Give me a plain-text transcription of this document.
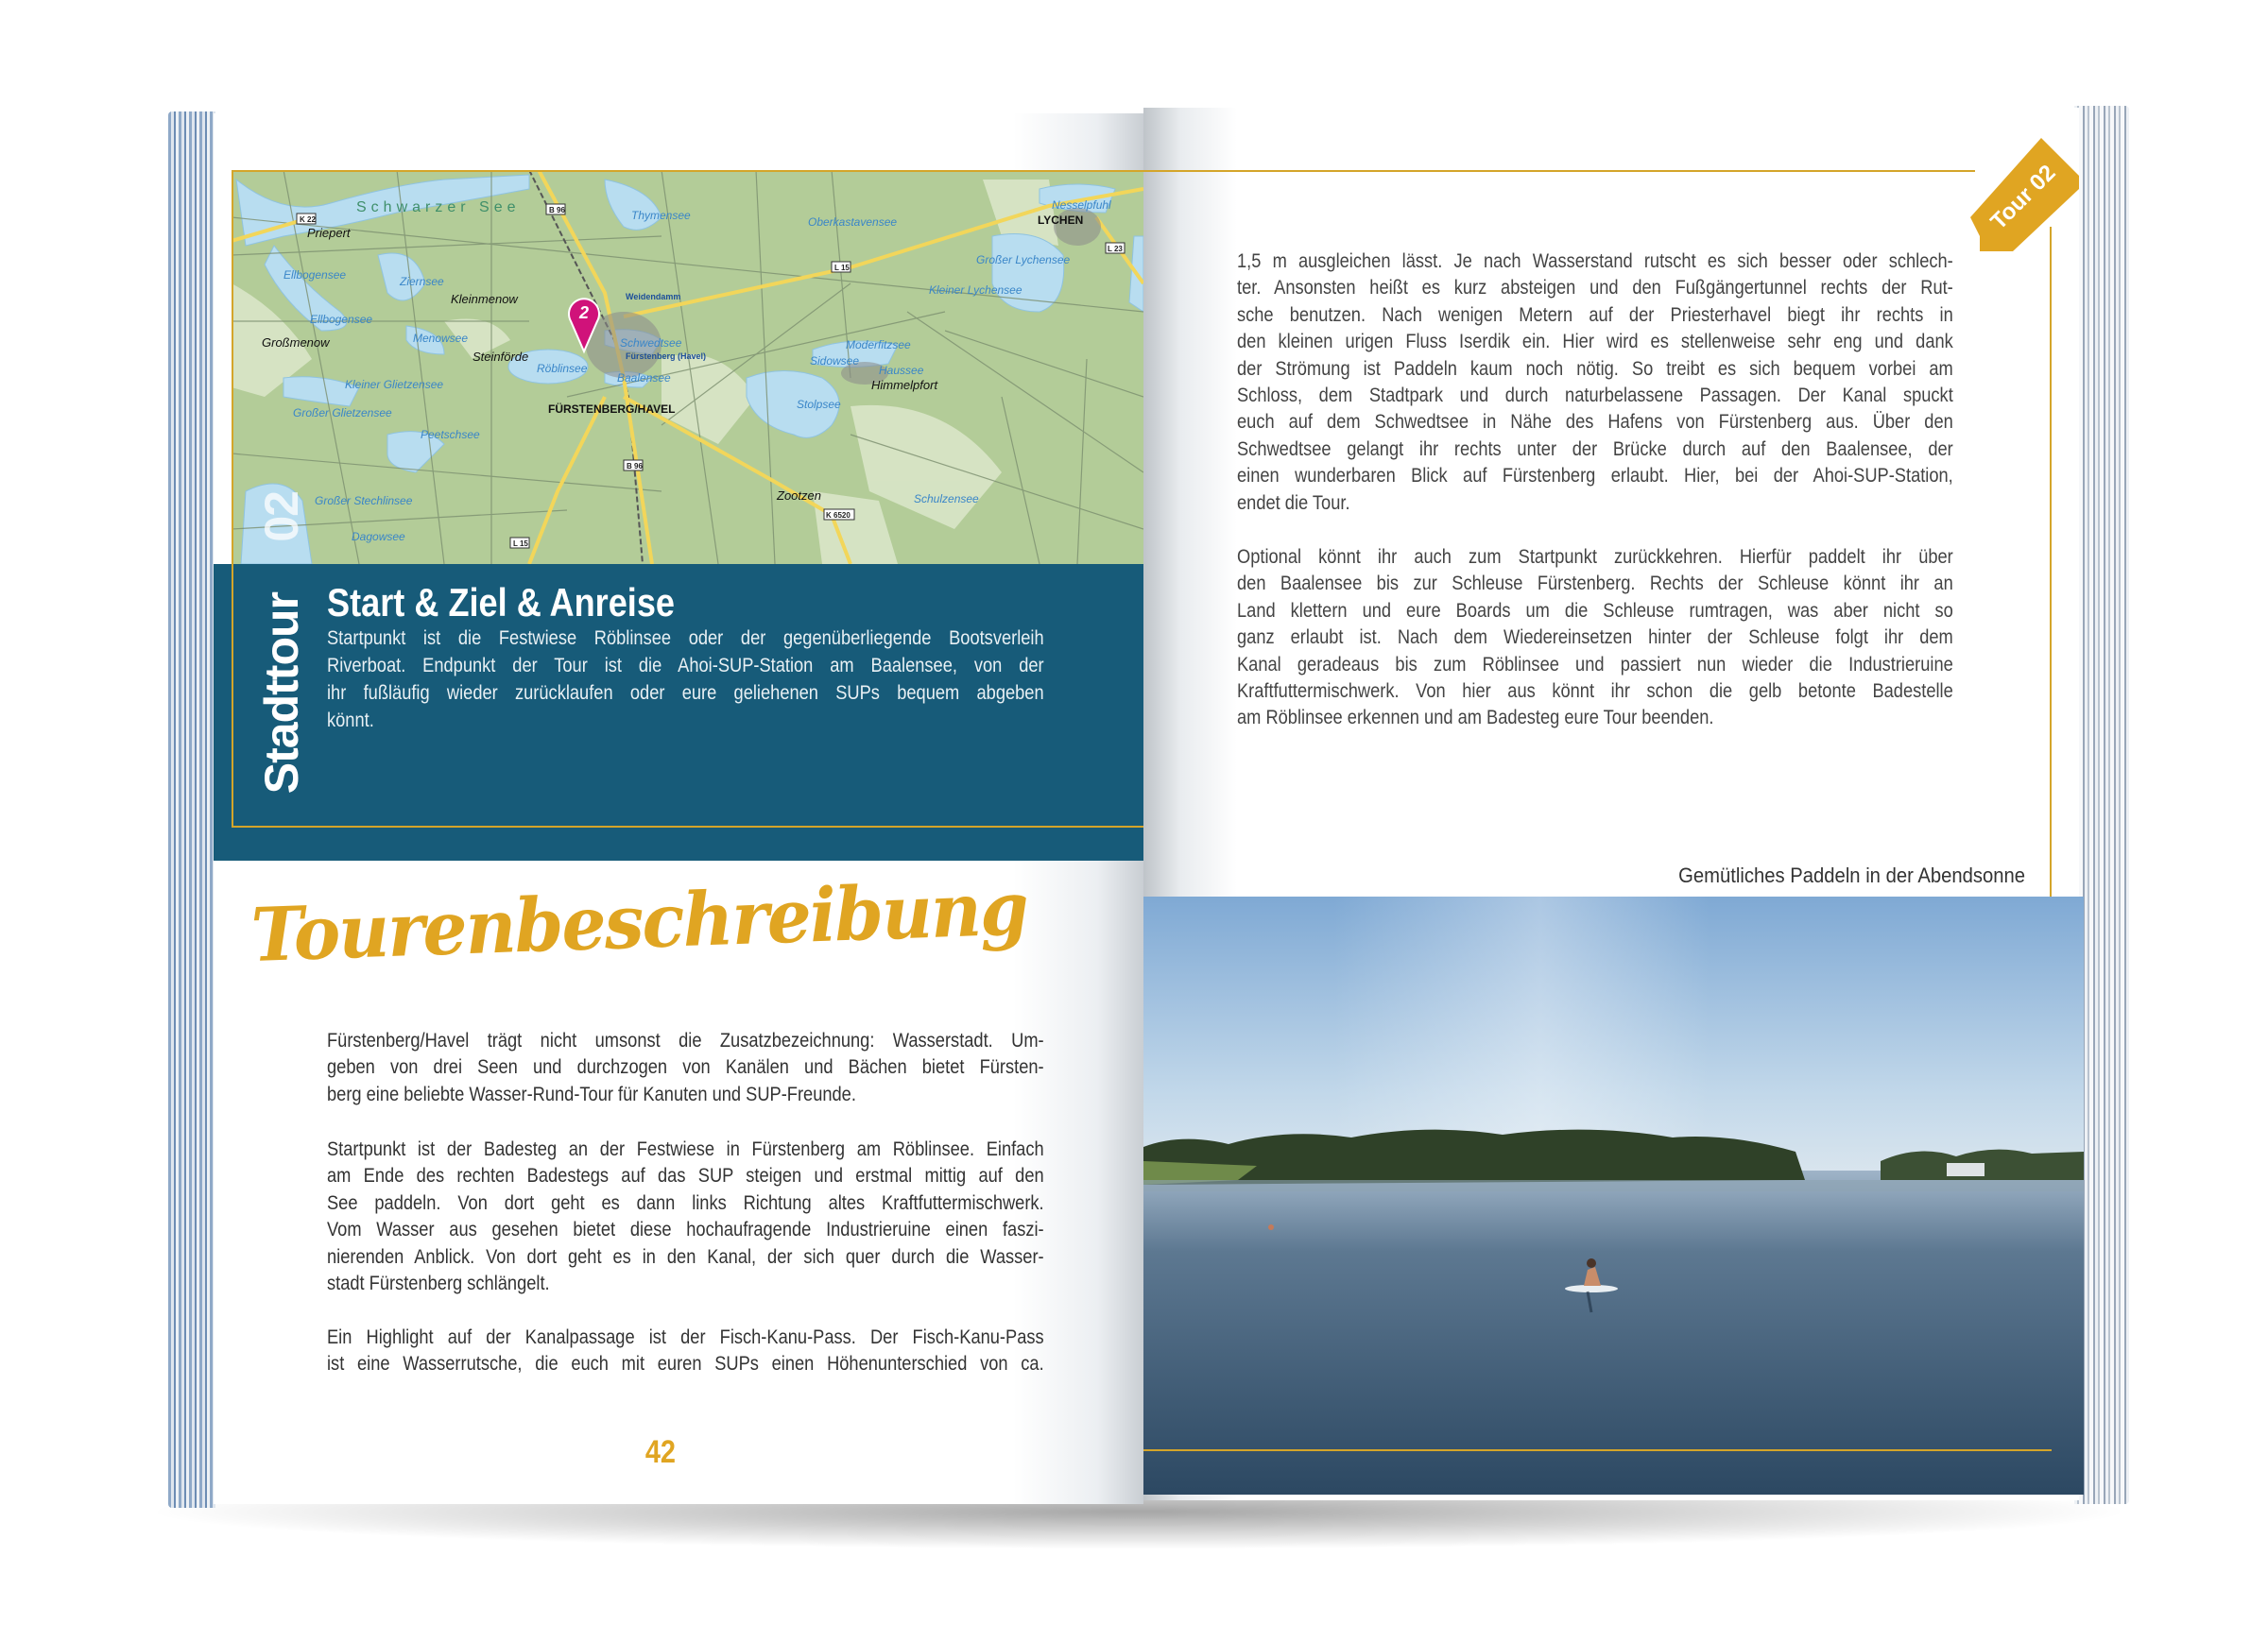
Ellbogensee	Ziernsee
Ellbogensee
Menowsee
Röblinsee
Schwedtsee
Baalensee
Kleiner Glietzensee
Großer Glietzensee
Peetschsee
Großer Stechlinsee
Dagowsee
Thymensee	Oberkastavensee
Nesselpfuhl
Großer Lychensee
Kleiner Lychensee
Moderfitzsee
Sidowsee
Haussee
Stolpsee
Schulzensee
Schwarzer See
Priepert
Kleinmenow
Großmenow
Steinförde
Himmelpfort
Zootzen
FÜRSTENBERG/HAVEL
LYCHEN
Weidendamm
Fürstenberg (Havel)
K 22
B 96
B 96
L 15
L 15
L 23
K 6520
2
02
Stadttour Start & Ziel & Anreise
Startpunkt ist die Festwiese Röblinsee oder der gegenüberliegende Bootsverleih
Riverboat. Endpunkt der Tour ist die Ahoi-SUP-Station am Baalensee, von der
ihr fußläufig wieder zurücklaufen oder eure geliehenen SUPs bequem abgeben
könnt.
Tourenbeschreibung
Fürstenberg/Havel trägt nicht umsonst die Zusatzbezeichnung: Wasserstadt. Um-
geben von drei Seen und durchzogen von Kanälen und Bächen bietet Fürsten-
berg eine beliebte Wasser-Rund-Tour für Kanuten und SUP-Freunde.
Startpunkt ist der Badesteg an der Festwiese in Fürstenberg am Röblinsee. Einfach
am Ende des rechten Badestegs auf das SUP steigen und erstmal mittig auf den
See paddeln. Von dort geht es dann links Richtung altes Kraftfuttermischwerk.
Vom Wasser aus gesehen bietet diese hochaufragende Industrieruine einen faszi-
nierenden Anblick. Von dort geht es in den Kanal, der sich quer durch die Wasser-
stadt Fürstenberg schlängelt.
Ein Highlight auf der Kanalpassage ist der Fisch-Kanu-Pass. Der Fisch-Kanu-Pass
ist eine Wasserrutsche, die euch mit euren SUPs einen Höhenunterschied von ca.
42
Tour 02
1,5 m ausgleichen lässt. Je nach Wasserstand rutscht es sich besser oder schlech-
ter. Ansonsten heißt es kurz absteigen und den Fußgängertunnel rechts der Rut-
sche benutzen. Nach wenigen Metern auf der Priesterhavel biegt ihr rechts in
den kleinen urigen Fluss Iserdik ein. Hier wird es stellenweise sehr eng und dank
der Strömung ist Paddeln kaum noch nötig. So treibt es sich bequem vorbei am
Schloss, dem Stadtpark und durch naturbelassene Passagen. Der Kanal spuckt
euch auf dem Schwedtsee in Nähe des Hafens von Fürstenberg aus. Über den
Schwedtsee gelangt ihr rechts unter der Brücke durch auf den Baalensee, der
einen wunderbaren Blick auf Fürstenberg erlaubt. Hier, bei der Ahoi-SUP-Station,
endet die Tour.
Optional könnt ihr auch zum Startpunkt zurückkehren. Hierfür paddelt ihr über
den Baalensee bis zur Schleuse Fürstenberg. Rechts der Schleuse könnt ihr an
Land klettern und eure Boards um die Schleuse rumtragen, was aber nicht so
ganz erlaubt ist. Nach dem Wiedereinsetzen hinter der Schleuse folgt ihr dem
Kanal geradeaus bis zum Röblinsee und passiert nun wieder die Industrieruine
Kraftfuttermischwerk. Von hier aus könnt ihr schon die gelb betonte Badestelle
am Röblinsee erkennen und am Badesteg eure Tour beenden.
Gemütliches Paddeln in der Abendsonne
